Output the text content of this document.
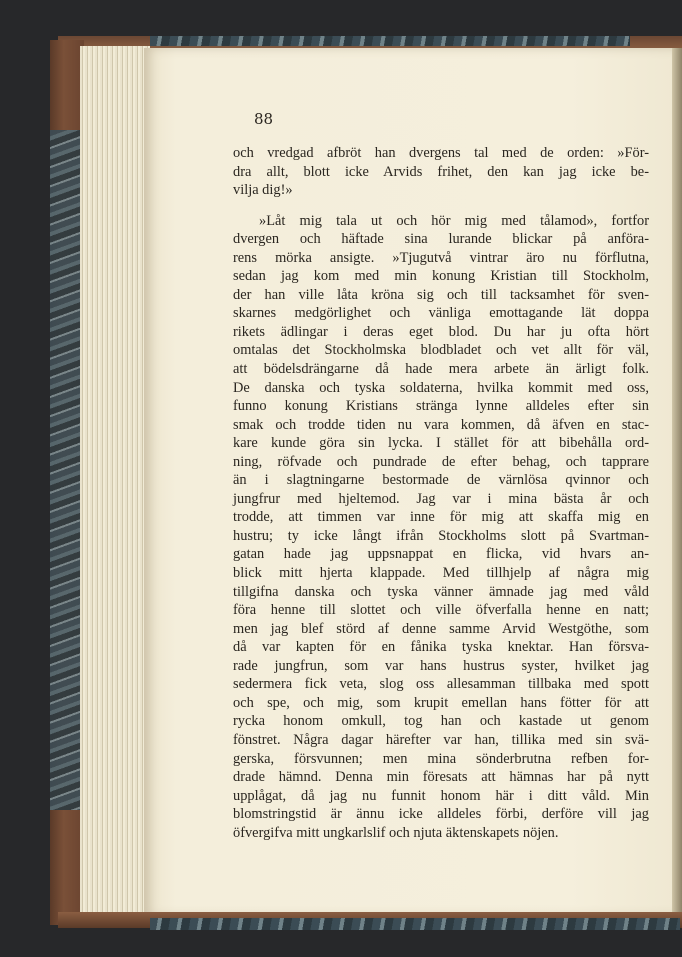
88
och vredgad afbröt han dvergens tal med de orden: »För-
dra allt, blott icke Arvids frihet, den kan jag icke be-
vilja dig!»
»Låt mig tala ut och hör mig med tålamod», fortfor
dvergen och häftade sina lurande blickar på anföra-
rens mörka ansigte. »Tjugutvå vintrar äro nu förflutna,
sedan jag kom med min konung Kristian till Stockholm,
der han ville låta kröna sig och till tacksamhet för sven-
skarnes medgörlighet och vänliga emottagande lät doppa
rikets ädlingar i deras eget blod. Du har ju ofta hört
omtalas det Stockholmska blodbladet och vet allt för väl,
att bödelsdrängarne då hade mera arbete än ärligt folk.
De danska och tyska soldaterna, hvilka kommit med oss,
funno konung Kristians stränga lynne alldeles efter sin
smak och trodde tiden nu vara kommen, då äfven en stac-
kare kunde göra sin lycka. I stället för att bibehålla ord-
ning, röfvade och pundrade de efter behag, och tapprare
än i slagtningarne bestormade de värnlösa qvinnor och
jungfrur med hjeltemod. Jag var i mina bästa år och
trodde, att timmen var inne för mig att skaffa mig en
hustru; ty icke långt ifrån Stockholms slott på Svartman-
gatan hade jag uppsnappat en flicka, vid hvars an-
blick mitt hjerta klappade. Med tillhjelp af några mig
tillgifna danska och tyska vänner ämnade jag med våld
föra henne till slottet och ville öfverfalla henne en natt;
men jag blef störd af denne samme Arvid Westgöthe, som
då var kapten för en fånika tyska knektar. Han försva-
rade jungfrun, som var hans hustrus syster, hvilket jag
sedermera fick veta, slog oss allesamman tillbaka med spott
och spe, och mig, som krupit emellan hans fötter för att
rycka honom omkull, tog han och kastade ut genom
fönstret. Några dagar härefter var han, tillika med sin svä-
gerska, försvunnen; men mina sönderbrutna refben for-
drade hämnd. Denna min föresats att hämnas har på nytt
upplågat, då jag nu funnit honom här i ditt våld. Min
blomstringstid är ännu icke alldeles förbi, derföre vill jag
öfvergifva mitt ungkarlslif och njuta äktenskapets nöjen.
